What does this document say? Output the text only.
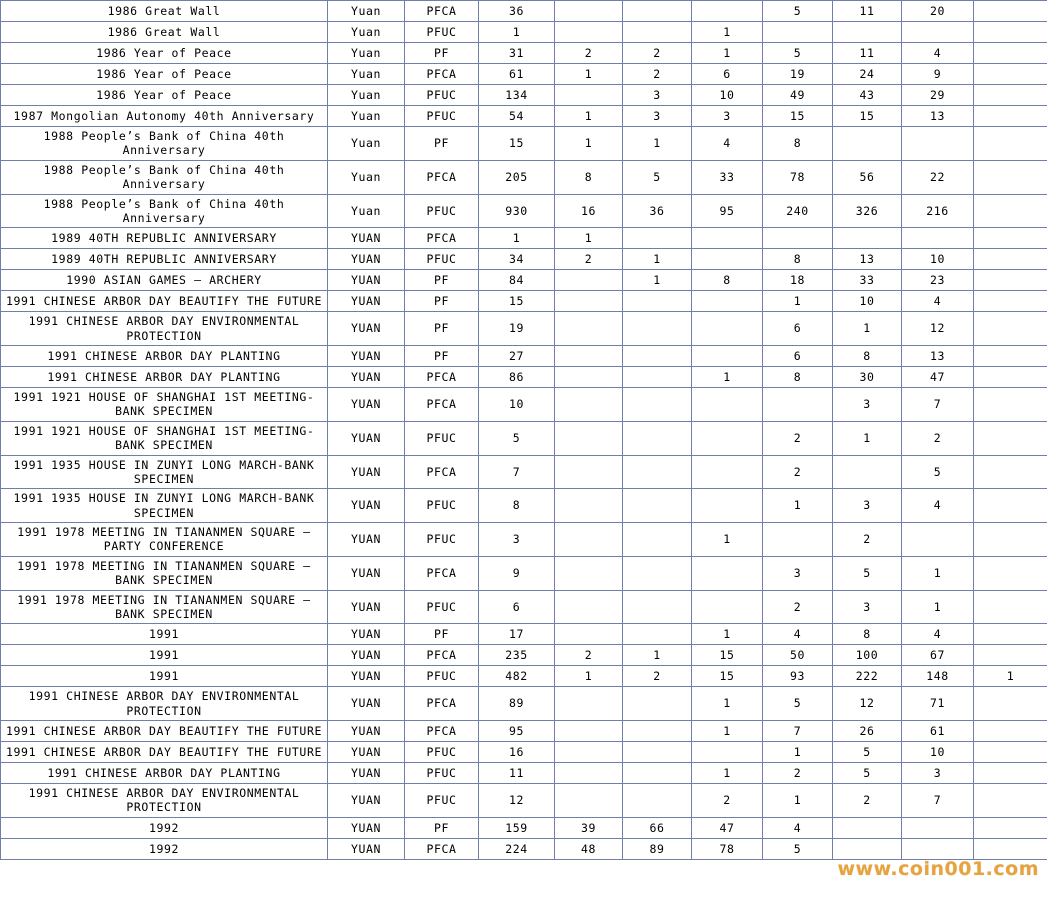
1986 Great Wall	Yuan	PFCA	36				5	11	20	
1986 Great Wall	Yuan	PFUC	1			1				
1986 Year of Peace	Yuan	PF	31	2	2	1	5	11	4	
1986 Year of Peace	Yuan	PFCA	61	1	2	6	19	24	9	
1986 Year of Peace	Yuan	PFUC	134		3	10	49	43	29	
1987 Mongolian Autonomy 40th Anniversary	Yuan	PFUC	54	1	3	3	15	15	13	
1988 People’s Bank of China 40th Anniversary	Yuan	PF	15	1	1	4	8			
1988 People’s Bank of China 40th Anniversary	Yuan	PFCA	205	8	5	33	78	56	22	
1988 People’s Bank of China 40th Anniversary	Yuan	PFUC	930	16	36	95	240	326	216	
1989 40TH REPUBLIC ANNIVERSARY	YUAN	PFCA	1	1						
1989 40TH REPUBLIC ANNIVERSARY	YUAN	PFUC	34	2	1		8	13	10	
1990 ASIAN GAMES – ARCHERY	YUAN	PF	84		1	8	18	33	23	
1991 CHINESE ARBOR DAY BEAUTIFY THE FUTURE	YUAN	PF	15				1	10	4	
1991 CHINESE ARBOR DAY ENVIRONMENTAL PROTECTION	YUAN	PF	19				6	1	12	
1991 CHINESE ARBOR DAY PLANTING	YUAN	PF	27				6	8	13	
1991 CHINESE ARBOR DAY PLANTING	YUAN	PFCA	86			1	8	30	47	
1991 1921 HOUSE OF SHANGHAI 1ST MEETING-BANK SPECIMEN	YUAN	PFCA	10					3	7	
1991 1921 HOUSE OF SHANGHAI 1ST MEETING-BANK SPECIMEN	YUAN	PFUC	5				2	1	2	
1991 1935 HOUSE IN ZUNYI LONG MARCH-BANK SPECIMEN	YUAN	PFCA	7				2		5	
1991 1935 HOUSE IN ZUNYI LONG MARCH-BANK SPECIMEN	YUAN	PFUC	8				1	3	4	
1991 1978 MEETING IN TIANANMEN SQUARE – PARTY CONFERENCE	YUAN	PFUC	3			1		2		
1991 1978 MEETING IN TIANANMEN SQUARE – BANK SPECIMEN	YUAN	PFCA	9				3	5	1	
1991 1978 MEETING IN TIANANMEN SQUARE – BANK SPECIMEN	YUAN	PFUC	6				2	3	1	
1991	YUAN	PF	17			1	4	8	4	
1991	YUAN	PFCA	235	2	1	15	50	100	67	
1991	YUAN	PFUC	482	1	2	15	93	222	148	1
1991 CHINESE ARBOR DAY ENVIRONMENTAL PROTECTION	YUAN	PFCA	89			1	5	12	71	
1991 CHINESE ARBOR DAY BEAUTIFY THE FUTURE	YUAN	PFCA	95			1	7	26	61	
1991 CHINESE ARBOR DAY BEAUTIFY THE FUTURE	YUAN	PFUC	16				1	5	10	
1991 CHINESE ARBOR DAY PLANTING	YUAN	PFUC	11			1	2	5	3	
1991 CHINESE ARBOR DAY ENVIRONMENTAL PROTECTION	YUAN	PFUC	12			2	1	2	7	
1992	YUAN	PF	159	39	66	47	4			
1992	YUAN	PFCA	224	48	89	78	5			
www.coin001.com
